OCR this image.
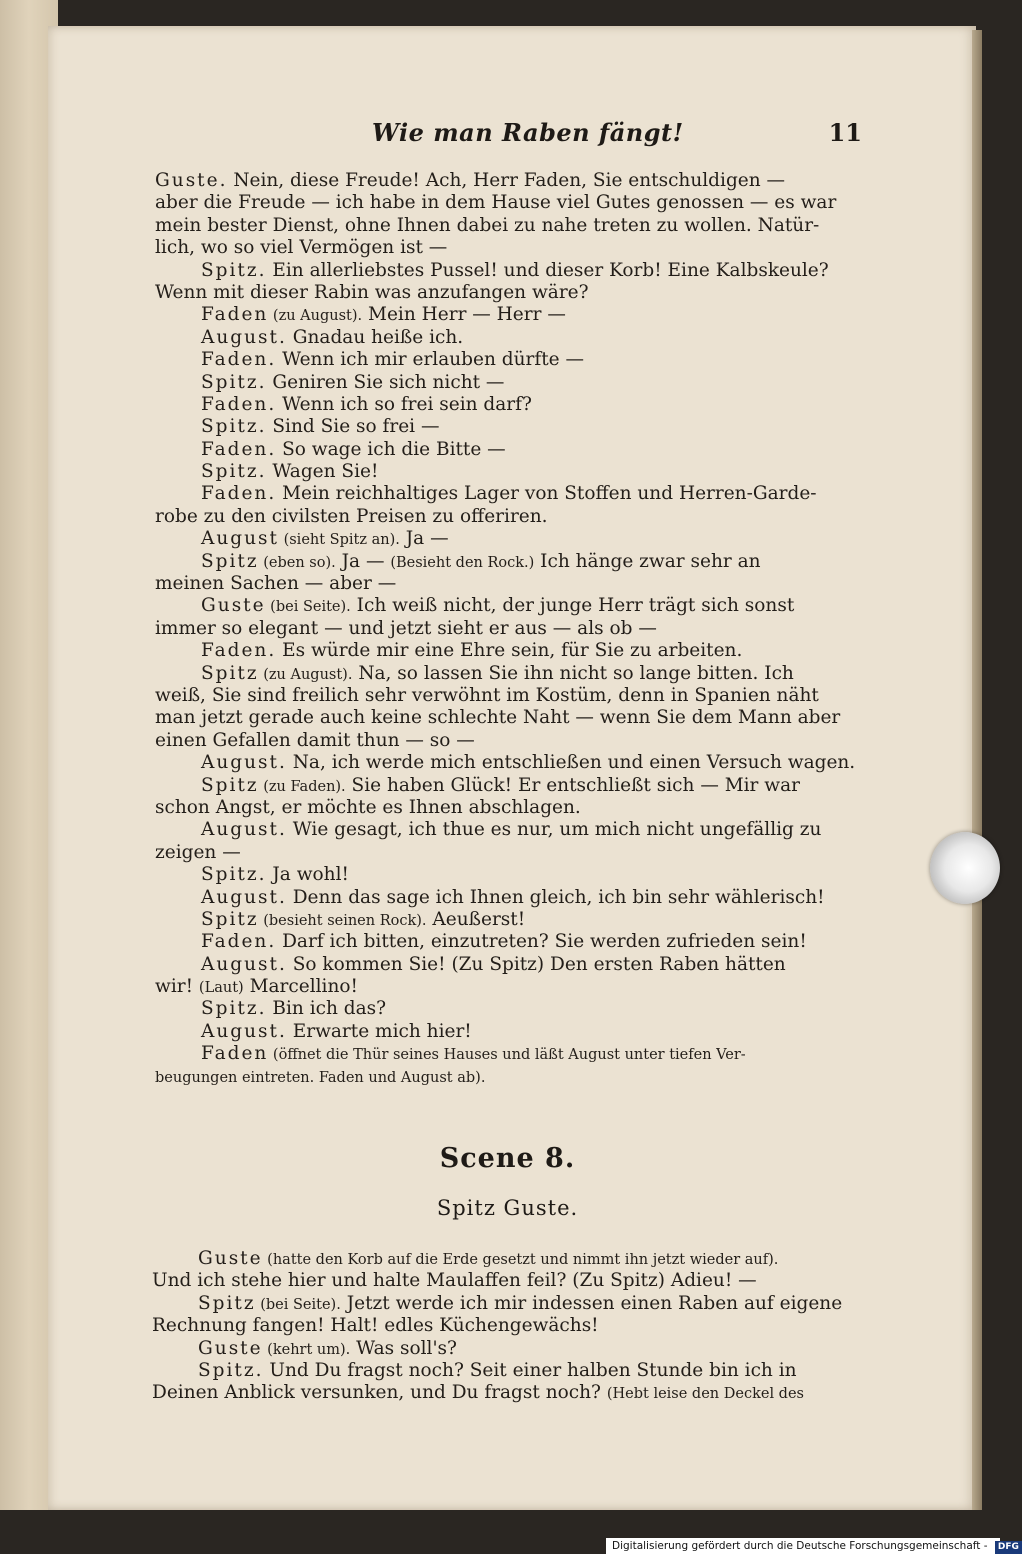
Wie man Raben fängt!	11
Guste. Nein, diese Freude! Ach, Herr Faden, Sie entschuldigen —
aber die Freude — ich habe in dem Hause viel Gutes genossen — es war
mein bester Dienst, ohne Ihnen dabei zu nahe treten zu wollen. Natür-
lich, wo so viel Vermögen ist —
Spitz. Ein allerliebstes Pussel! und dieser Korb! Eine Kalbskeule?
Wenn mit dieser Rabin was anzufangen wäre?
Faden (zu August). Mein Herr — Herr —
August. Gnadau heiße ich.
Faden. Wenn ich mir erlauben dürfte —
Spitz. Geniren Sie sich nicht —
Faden. Wenn ich so frei sein darf?
Spitz. Sind Sie so frei —
Faden. So wage ich die Bitte —
Spitz. Wagen Sie!
Faden. Mein reichhaltiges Lager von Stoffen und Herren-Garde-
robe zu den civilsten Preisen zu offeriren.
August (sieht Spitz an). Ja —
Spitz (eben so). Ja — (Besieht den Rock.) Ich hänge zwar sehr an
meinen Sachen — aber —
Guste (bei Seite). Ich weiß nicht, der junge Herr trägt sich sonst
immer so elegant — und jetzt sieht er aus — als ob —
Faden. Es würde mir eine Ehre sein, für Sie zu arbeiten.
Spitz (zu August). Na, so lassen Sie ihn nicht so lange bitten. Ich
weiß, Sie sind freilich sehr verwöhnt im Kostüm, denn in Spanien näht
man jetzt gerade auch keine schlechte Naht — wenn Sie dem Mann aber
einen Gefallen damit thun — so —
August. Na, ich werde mich entschließen und einen Versuch wagen.
Spitz (zu Faden). Sie haben Glück! Er entschließt sich — Mir war
schon Angst, er möchte es Ihnen abschlagen.
August. Wie gesagt, ich thue es nur, um mich nicht ungefällig zu
zeigen —
Spitz. Ja wohl!
August. Denn das sage ich Ihnen gleich, ich bin sehr wählerisch!
Spitz (besieht seinen Rock). Aeußerst!
Faden. Darf ich bitten, einzutreten? Sie werden zufrieden sein!
August. So kommen Sie! (Zu Spitz) Den ersten Raben hätten
wir! (Laut) Marcellino!
Spitz. Bin ich das?
August. Erwarte mich hier!
Faden (öffnet die Thür seines Hauses und läßt August unter tiefen Ver-
beugungen eintreten. Faden und August ab).
Scene 8.
Spitz Guste.
Guste (hatte den Korb auf die Erde gesetzt und nimmt ihn jetzt wieder auf).
Und ich stehe hier und halte Maulaffen feil? (Zu Spitz) Adieu! —
Spitz (bei Seite). Jetzt werde ich mir indessen einen Raben auf eigene
Rechnung fangen! Halt! edles Küchengewächs!
Guste (kehrt um). Was soll's?
Spitz. Und Du fragst noch? Seit einer halben Stunde bin ich in
Deinen Anblick versunken, und Du fragst noch? (Hebt leise den Deckel des
Digitalisierung gefördert durch die Deutsche Forschungsgemeinschaft - DFG
